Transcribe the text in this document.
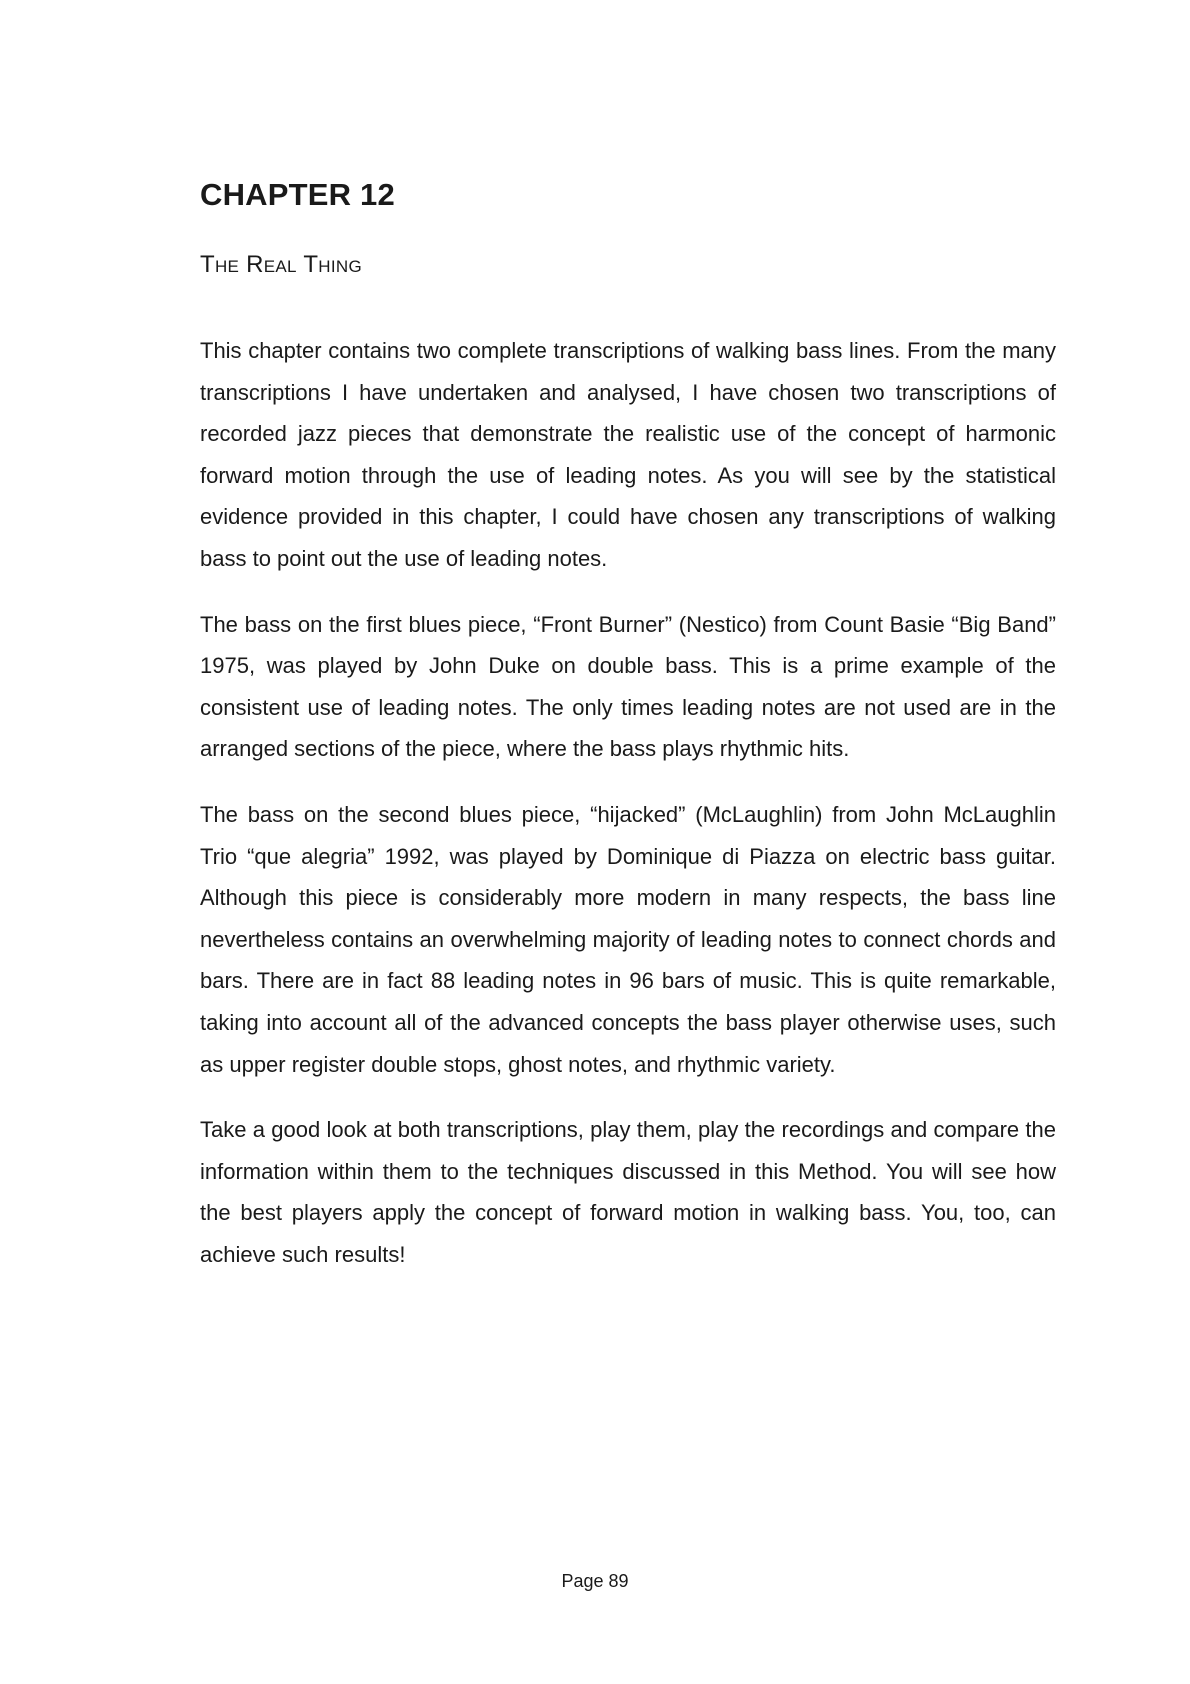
CHAPTER 12
The Real Thing

This chapter contains two complete transcriptions of walking bass lines. From the many transcriptions I have undertaken and analysed, I have chosen two transcriptions of recorded jazz pieces that demonstrate the realistic use of the concept of harmonic forward motion through the use of leading notes. As you will see by the statistical evidence provided in this chapter, I could have chosen any transcriptions of walking bass to point out the use of leading notes.

The bass on the first blues piece, “Front Burner” (Nestico) from Count Basie “Big Band” 1975, was played by John Duke on double bass. This is a prime example of the consistent use of leading notes. The only times leading notes are not used are in the arranged sections of the piece, where the bass plays rhythmic hits.

The bass on the second blues piece, “hijacked” (McLaughlin) from John McLaughlin Trio “que alegria” 1992, was played by Dominique di Piazza on electric bass guitar. Although this piece is considerably more modern in many respects, the bass line nevertheless contains an overwhelming majority of leading notes to connect chords and bars. There are in fact 88 leading notes in 96 bars of music. This is quite remarkable, taking into account all of the advanced concepts the bass player otherwise uses, such as upper register double stops, ghost notes, and rhythmic variety.

Take a good look at both transcriptions, play them, play the recordings and compare the information within them to the techniques discussed in this Method. You will see how the best players apply the concept of forward motion in walking bass. You, too, can achieve such results!

Page 89
